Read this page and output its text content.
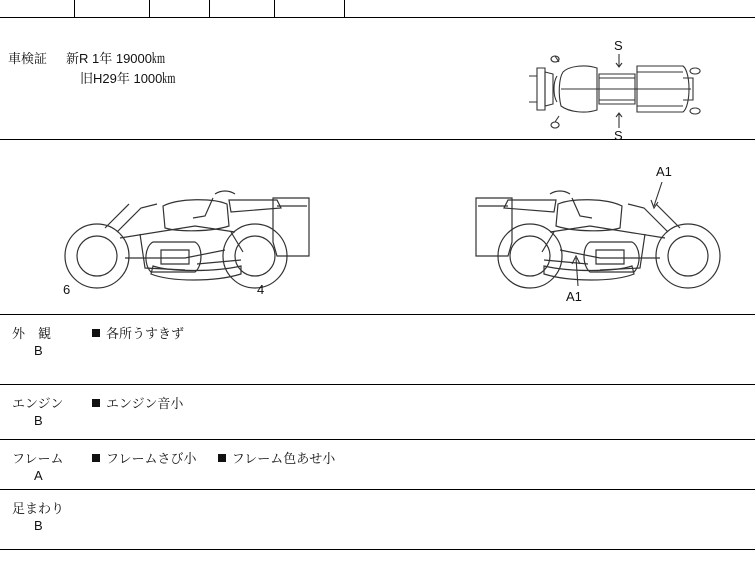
車検証 新R 1年 19000㎞
旧H29年 1000㎞
S
S
6	4
A1
A1
外　観
B
各所うすきず
エンジン
B
エンジン音小
フレーム
A
フレームさび小	フレーム色あせ小
足まわり
B
